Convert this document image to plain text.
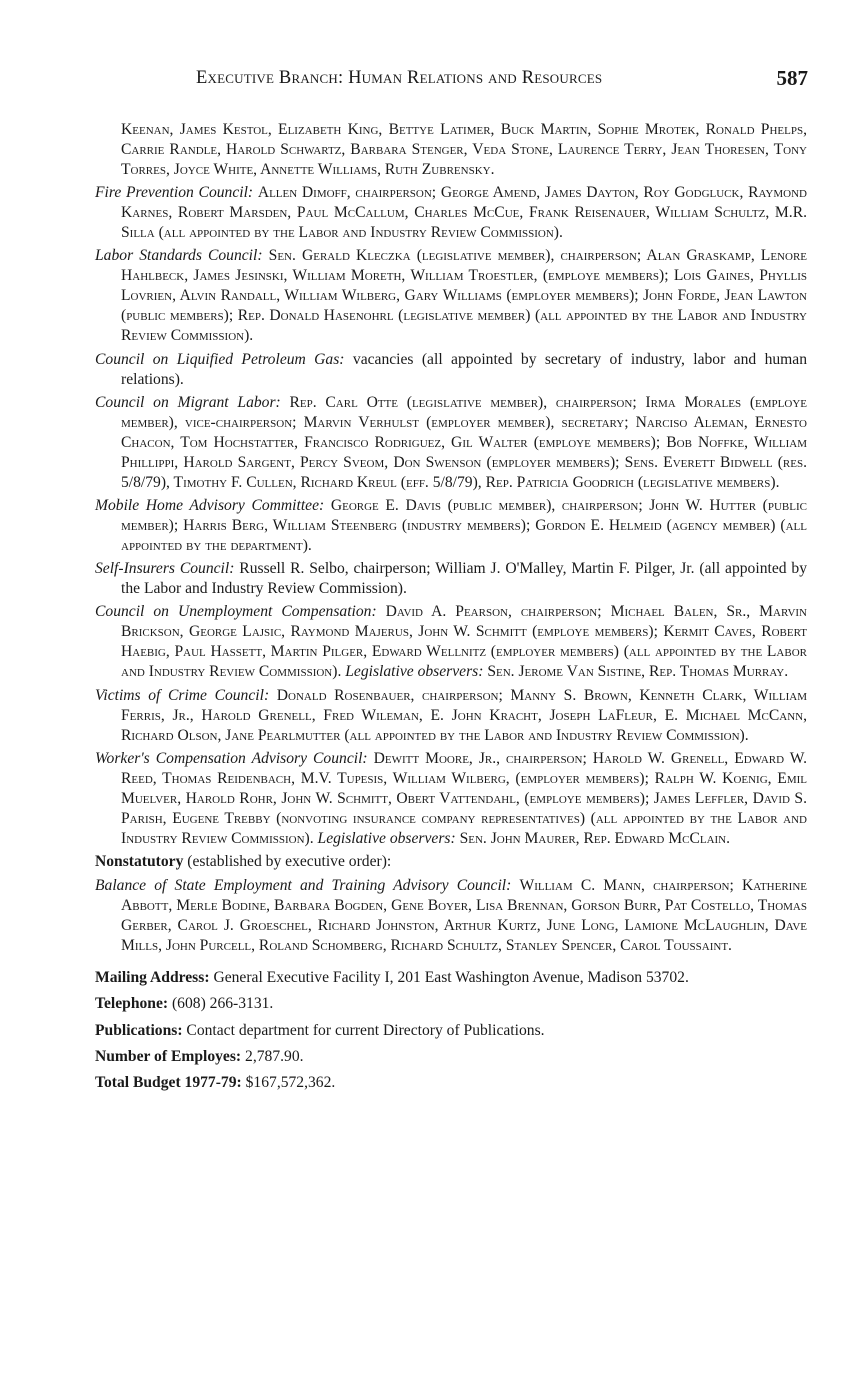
Executive Branch: Human Relations and Resources	587

Keenan, James Kestol, Elizabeth King, Bettye Latimer, Buck Martin, Sophie Mrotek, Ronald Phelps, Carrie Randle, Harold Schwartz, Barbara Stenger, Veda Stone, Laurence Terry, Jean Thoresen, Tony Torres, Joyce White, Annette Williams, Ruth Zubrensky.

Fire Prevention Council: Allen Dimoff, chairperson; George Amend, James Dayton, Roy Godgluck, Raymond Karnes, Robert Marsden, Paul McCallum, Charles McCue, Frank Reisenauer, William Schultz, M.R. Silla (all appointed by the Labor and Industry Review Commission).

Labor Standards Council: Sen. Gerald Kleczka (legislative member), chairperson; Alan Graskamp, Lenore Hahlbeck, James Jesinski, William Moreth, William Troestler, (employe members); Lois Gaines, Phyllis Lovrien, Alvin Randall, William Wilberg, Gary Williams (employer members); John Forde, Jean Lawton (public members); Rep. Donald Hasenohrl (legislative member) (all appointed by the Labor and Industry Review Commission).

Council on Liquified Petroleum Gas: vacancies (all appointed by secretary of industry, labor and human relations).

Council on Migrant Labor: Rep. Carl Otte (legislative member), chairperson; Irma Morales (employe member), vice-chairperson; Marvin Verhulst (employer member), secretary; Narciso Aleman, Ernesto Chacon, Tom Hochstatter, Francisco Rodriguez, Gil Walter (employe members); Bob Noffke, William Phillippi, Harold Sargent, Percy Sveom, Don Swenson (employer members); Sens. Everett Bidwell (res. 5/8/79), Timothy F. Cullen, Richard Kreul (eff. 5/8/79), Rep. Patricia Goodrich (legislative members).

Mobile Home Advisory Committee: George E. Davis (public member), chairperson; John W. Hutter (public member); Harris Berg, William Steenberg (industry members); Gordon E. Helmeid (agency member) (all appointed by the department).

Self-Insurers Council: Russell R. Selbo, chairperson; William J. O'Malley, Martin F. Pilger, Jr. (all appointed by the Labor and Industry Review Commission).

Council on Unemployment Compensation: David A. Pearson, chairperson; Michael Balen, Sr., Marvin Brickson, George Lajsic, Raymond Majerus, John W. Schmitt (employe members); Kermit Caves, Robert Haebig, Paul Hassett, Martin Pilger, Edward Wellnitz (employer members) (all appointed by the Labor and Industry Review Commission). Legislative observers: Sen. Jerome Van Sistine, Rep. Thomas Murray.

Victims of Crime Council: Donald Rosenbauer, chairperson; Manny S. Brown, Kenneth Clark, William Ferris, Jr., Harold Grenell, Fred Wileman, E. John Kracht, Joseph LaFleur, E. Michael McCann, Richard Olson, Jane Pearlmutter (all appointed by the Labor and Industry Review Commission).

Worker's Compensation Advisory Council: Dewitt Moore, Jr., chairperson; Harold W. Grenell, Edward W. Reed, Thomas Reidenbach, M.V. Tupesis, William Wilberg, (employer members); Ralph W. Koenig, Emil Muelver, Harold Rohr, John W. Schmitt, Obert Vattendahl, (employe members); James Leffler, David S. Parish, Eugene Trebby (nonvoting insurance company representatives) (all appointed by the Labor and Industry Review Commission). Legislative observers: Sen. John Maurer, Rep. Edward McClain.

Nonstatutory (established by executive order):

Balance of State Employment and Training Advisory Council: William C. Mann, chairperson; Katherine Abbott, Merle Bodine, Barbara Bogden, Gene Boyer, Lisa Brennan, Gorson Burr, Pat Costello, Thomas Gerber, Carol J. Groeschel, Richard Johnston, Arthur Kurtz, June Long, Lamione McLaughlin, Dave Mills, John Purcell, Roland Schomberg, Richard Schultz, Stanley Spencer, Carol Toussaint.

Mailing Address: General Executive Facility I, 201 East Washington Avenue, Madison 53702.

Telephone: (608) 266-3131.

Publications: Contact department for current Directory of Publications.

Number of Employes: 2,787.90.

Total Budget 1977-79: $167,572,362.
